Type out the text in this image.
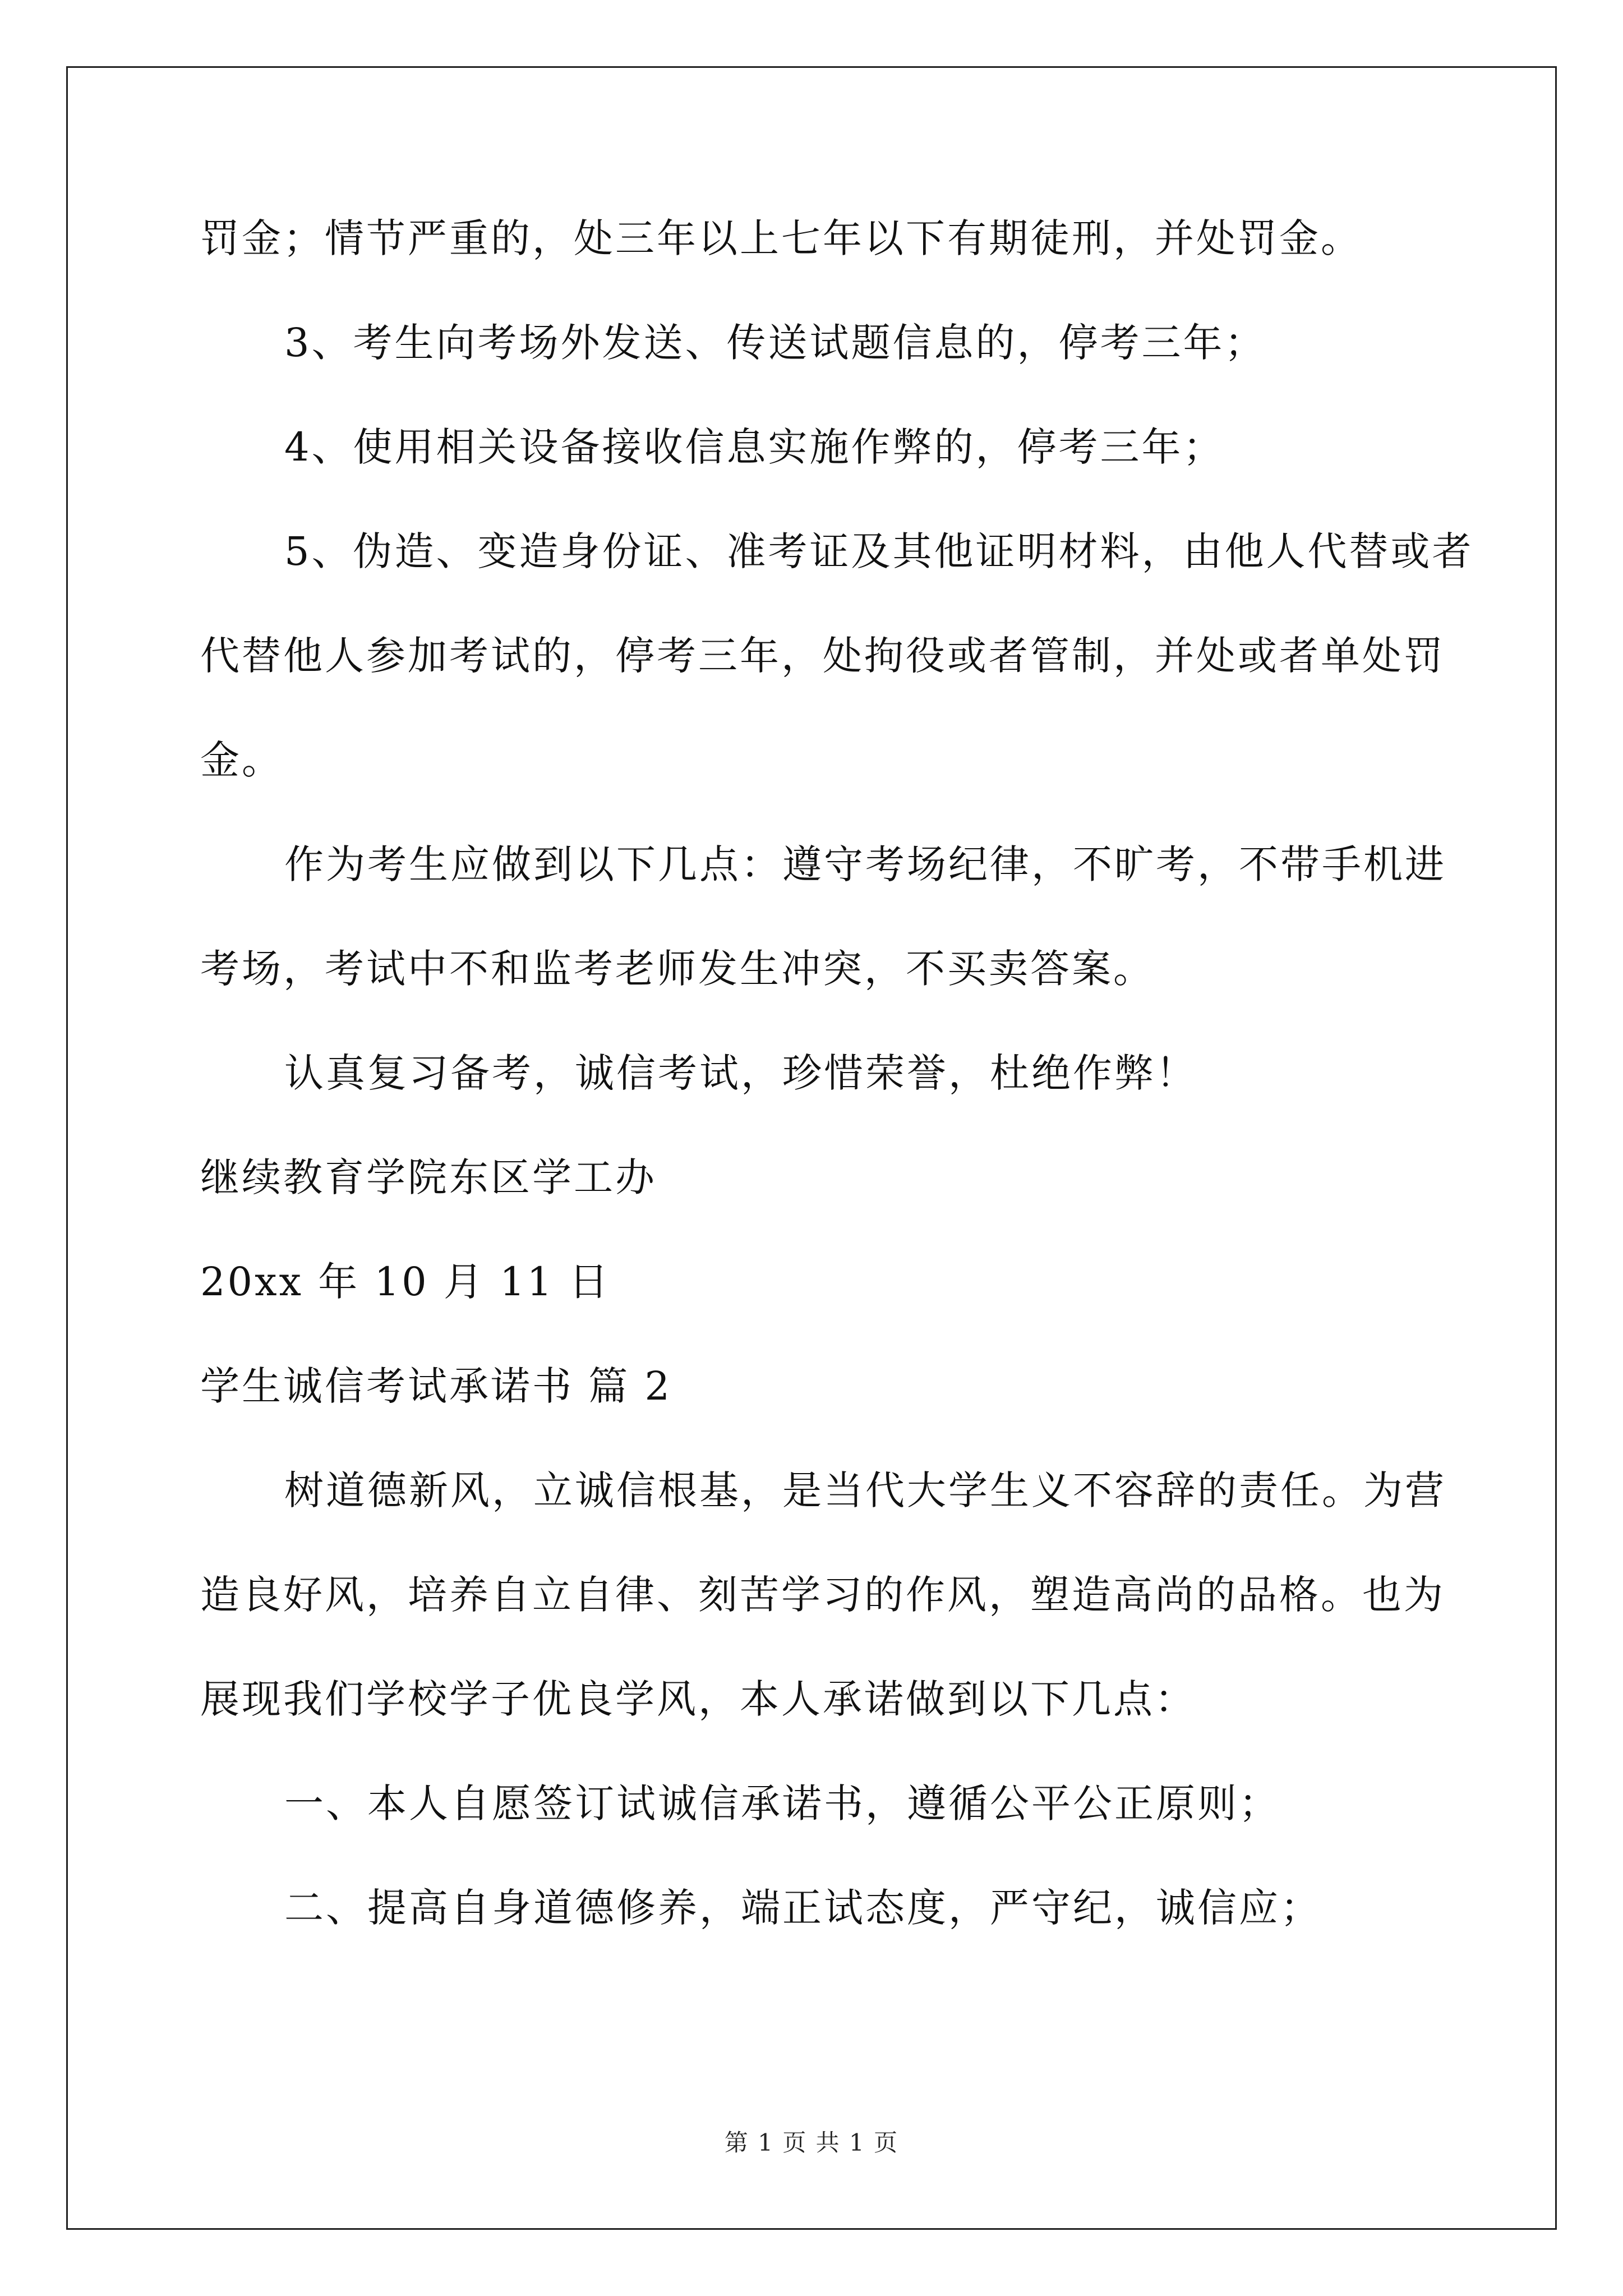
罚金；情节严重的，处三年以上七年以下有期徒刑，并处罚金。
3、考生向考场外发送、传送试题信息的，停考三年；
4、使用相关设备接收信息实施作弊的，停考三年；
5、伪造、变造身份证、准考证及其他证明材料，由他人代替或者
代替他人参加考试的，停考三年，处拘役或者管制，并处或者单处罚
金。
作为考生应做到以下几点：遵守考场纪律，不旷考，不带手机进
考场，考试中不和监考老师发生冲突，不买卖答案。
认真复习备考，诚信考试，珍惜荣誉，杜绝作弊！
继续教育学院东区学工办
20xx 年 10 月 11 日
学生诚信考试承诺书 篇 2
树道德新风，立诚信根基，是当代大学生义不容辞的责任。为营
造良好风，培养自立自律、刻苦学习的作风，塑造高尚的品格。也为
展现我们学校学子优良学风，本人承诺做到以下几点：
一、本人自愿签订试诚信承诺书，遵循公平公正原则；
二、提高自身道德修养，端正试态度，严守纪，诚信应；
第 1 页 共 1 页
